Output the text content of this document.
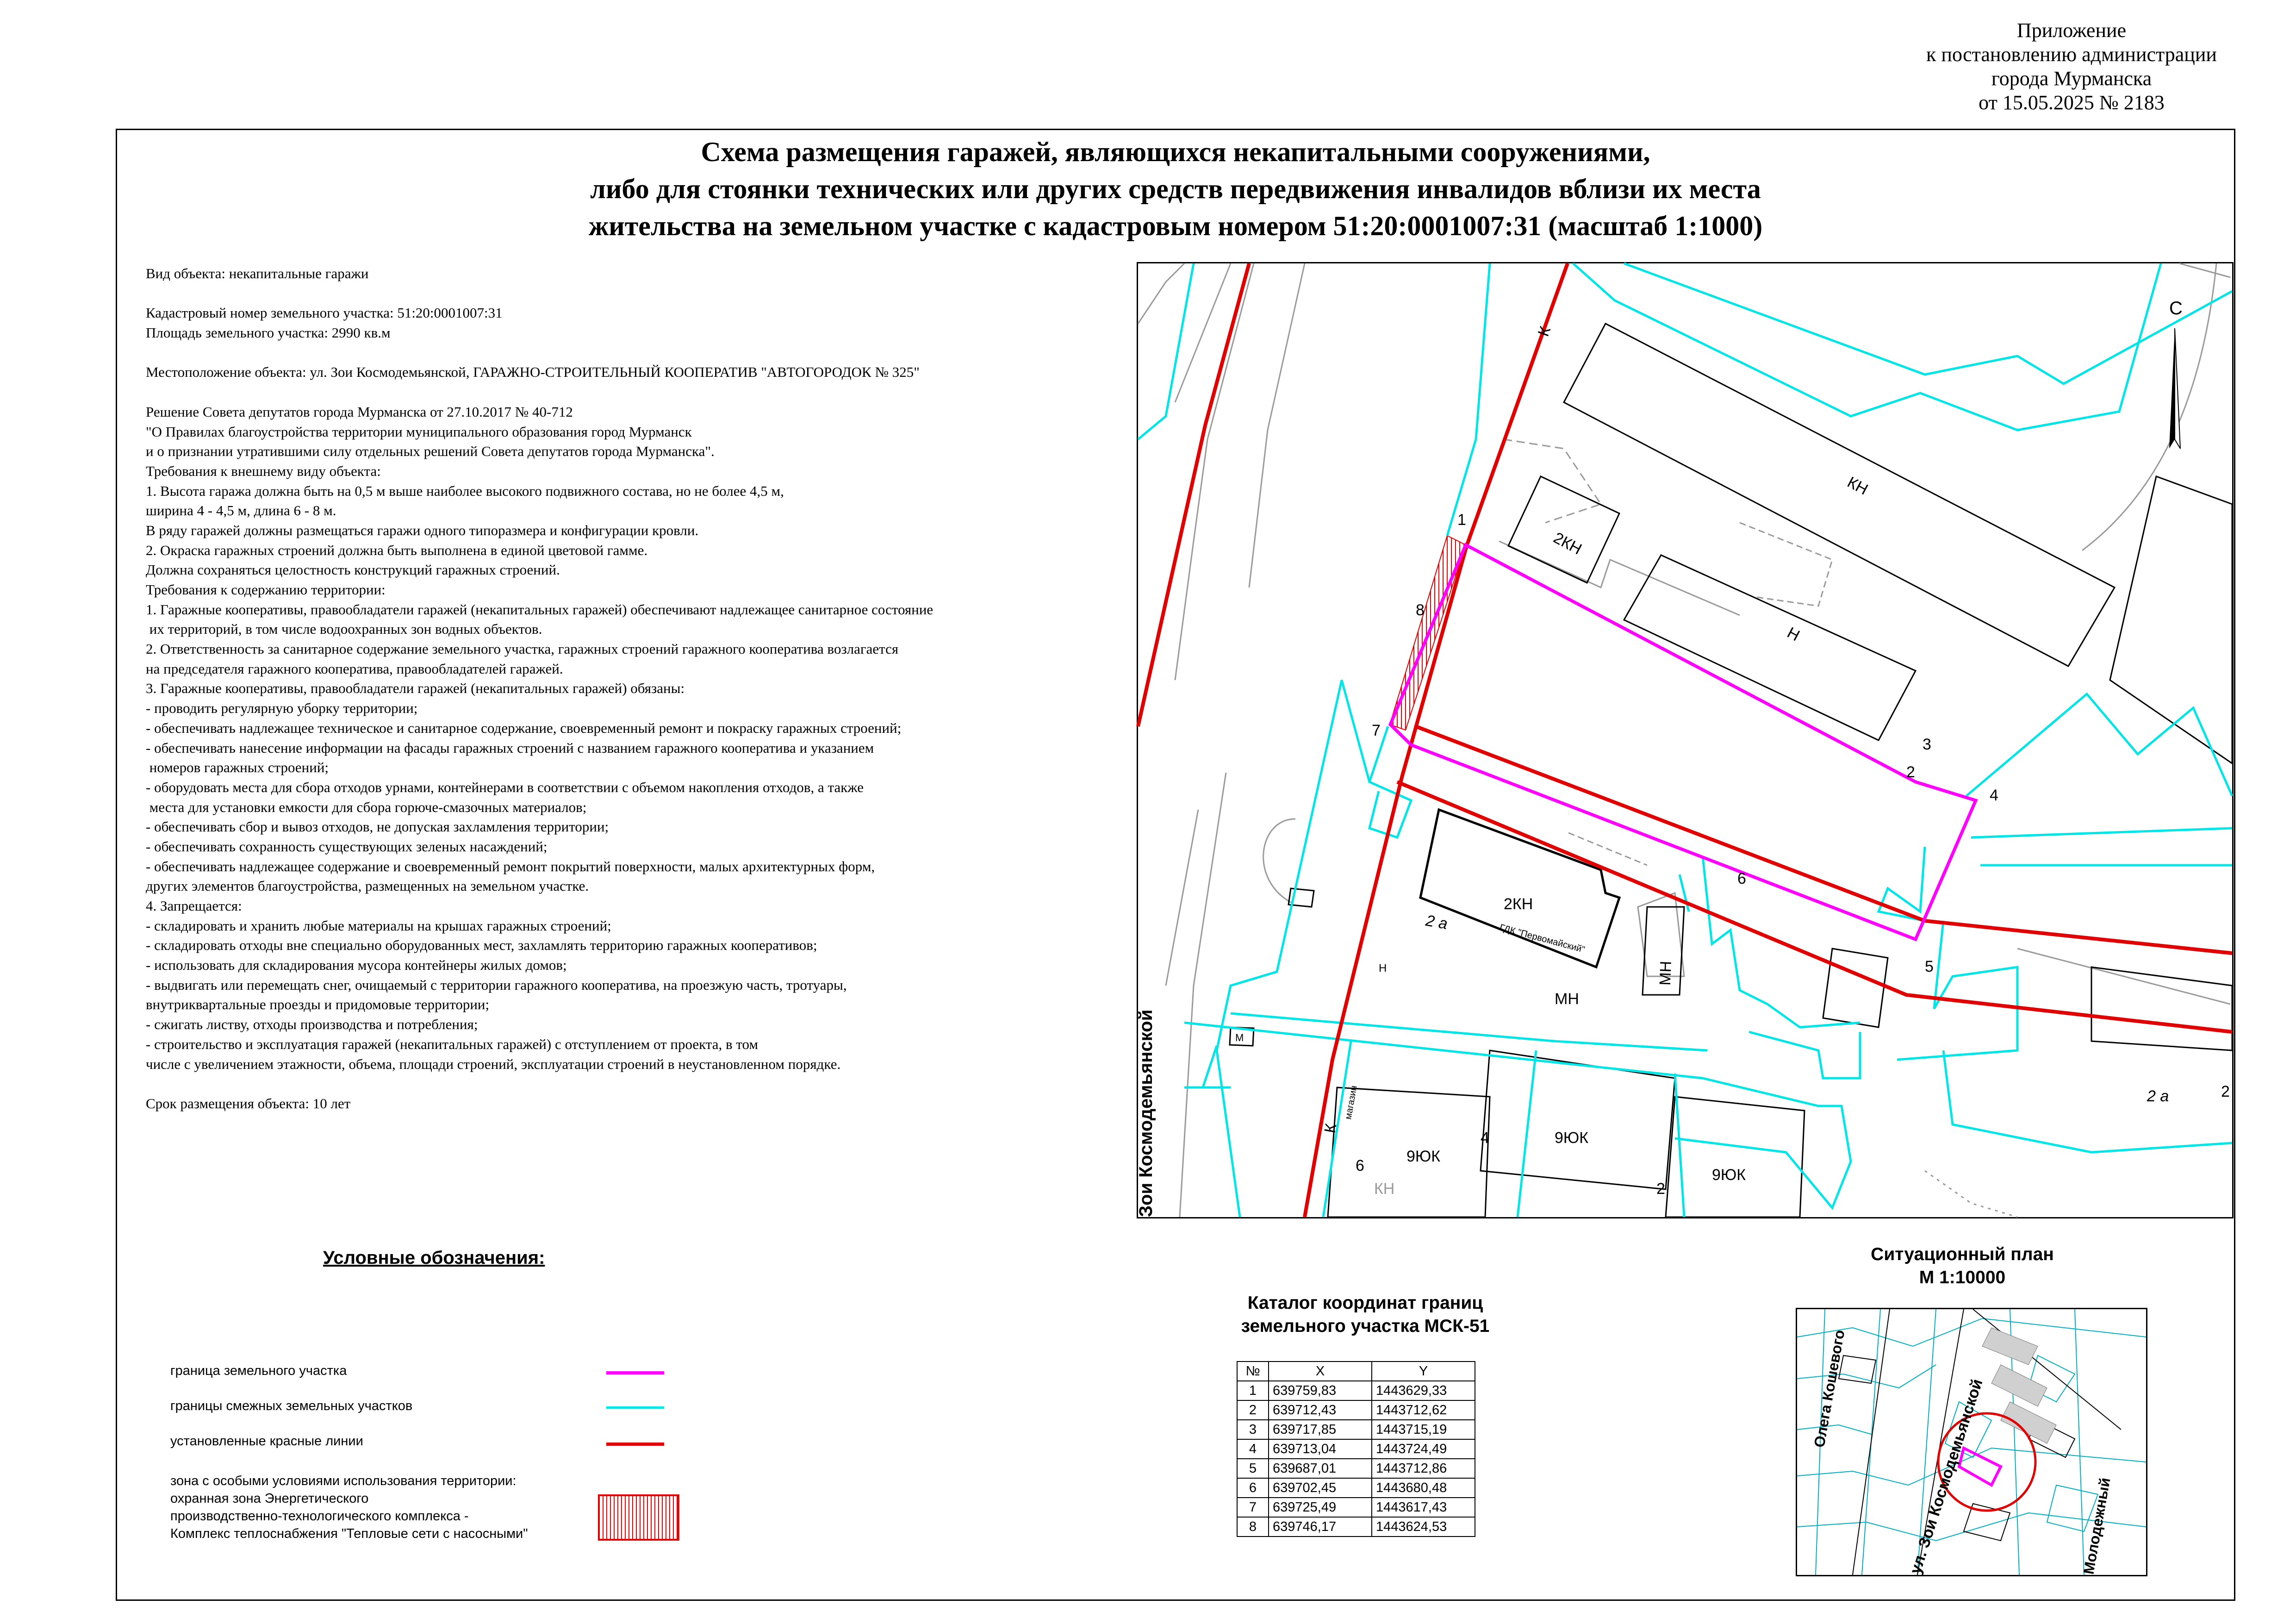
Приложение
к постановлению администрации
города Мурманска
от 15.05.2025 № 2183
Схема размещения гаражей, являющихся некапитальными сооружениями,
либо для стоянки технических или других средств передвижения инвалидов вблизи их места
жительства на земельном участке с кадастровым номером 51:20:0001007:31 (масштаб 1:1000)
Вид объекта: некапитальные гаражи
Кадастровый номер земельного участка: 51:20:0001007:31
Площадь земельного участка: 2990 кв.м
Местоположение объекта: ул. Зои Космодемьянской, ГАРАЖНО-СТРОИТЕЛЬНЫЙ КООПЕРАТИВ "АВТОГОРОДОК № 325"
Решение Совета депутатов города Мурманска от 27.10.2017 № 40-712
"О Правилах благоустройства территории муниципального образования город Мурманск
и о признании утратившими силу отдельных решений Совета депутатов города Мурманска".
Требования к внешнему виду объекта:
1. Высота гаража должна быть на 0,5 м выше наиболее высокого подвижного состава, но не более 4,5 м,
ширина 4 - 4,5 м, длина 6 - 8 м.
В ряду гаражей должны размещаться гаражи одного типоразмера и конфигурации кровли.
2. Окраска гаражных строений должна быть выполнена в единой цветовой гамме.
Должна сохраняться целостность конструкций гаражных строений.
Требования к содержанию территории:
1. Гаражные кооперативы, правообладатели гаражей (некапитальных гаражей) обеспечивают надлежащее санитарное состояние
их территорий, в том числе водоохранных зон водных объектов.
2. Ответственность за санитарное содержание земельного участка, гаражных строений гаражного кооператива возлагается
на председателя гаражного кооператива, правообладателей гаражей.
3. Гаражные кооперативы, правообладатели гаражей (некапитальных гаражей) обязаны:
- проводить регулярную уборку территории;
- обеспечивать надлежащее техническое и санитарное содержание, своевременный ремонт и покраску гаражных строений;
- обеспечивать нанесение информации на фасады гаражных строений с названием гаражного кооператива и указанием
номеров гаражных строений;
- оборудовать места для сбора отходов урнами, контейнерами в соответствии с объемом накопления отходов, а также
места для установки емкости для сбора горюче-смазочных материалов;
- обеспечивать сбор и вывоз отходов, не допуская захламления территории;
- обеспечивать сохранность существующих зеленых насаждений;
- обеспечивать надлежащее содержание и своевременный ремонт покрытий поверхности, малых архитектурных форм,
других элементов благоустройства, размещенных на земельном участке.
4. Запрещается:
- складировать и хранить любые материалы на крышах гаражных строений;
- складировать отходы вне специально оборудованных мест, захламлять территорию гаражных кооперативов;
- использовать для складирования мусора контейнеры жилых домов;
- выдвигать или перемещать снег, очищаемый с территории гаражного кооператива, на проезжую часть, тротуары,
внутриквартальные проезды и придомовые территории;
- сжигать листву, отходы производства и потребления;
- строительство и эксплуатация гаражей (некапитальных гаражей) с отступлением от проекта, в том
числе с увеличением этажности, объема, площади строений, эксплуатации строений в неустановленном порядке.
Срок размещения объекта: 10 лет
1
2
3
4
5
6
7
8
К
КН
2КН
Н
2КН
ГДК "Первомайский"
2 а
МН
МН
Н
М
К
магазин
9ЮК
9ЮК
9ЮК
4
6
2
КН
2 а	2
Зои Космодемьянской
С
Условные обозначения:
граница земельного участка
границы смежных земельных участков
установленные красные линии
зона с особыми условиями использования территории:
охранная зона Энергетического
производственно-технологического комплекса -
Комплекс теплоснабжения "Тепловые сети с насосными"
Каталог координат границ
земельного участка МСК-51
№	X	Y
1	639759,83	1443629,33
2	639712,43	1443712,62
3	639717,85	1443715,19
4	639713,04	1443724,49
5	639687,01	1443712,86
6	639702,45	1443680,48
7	639725,49	1443617,43
8	639746,17	1443624,53
Ситуационный план
М 1:10000
ул. Зои Космодемьянской
Олега Кошевого
Молодежный
